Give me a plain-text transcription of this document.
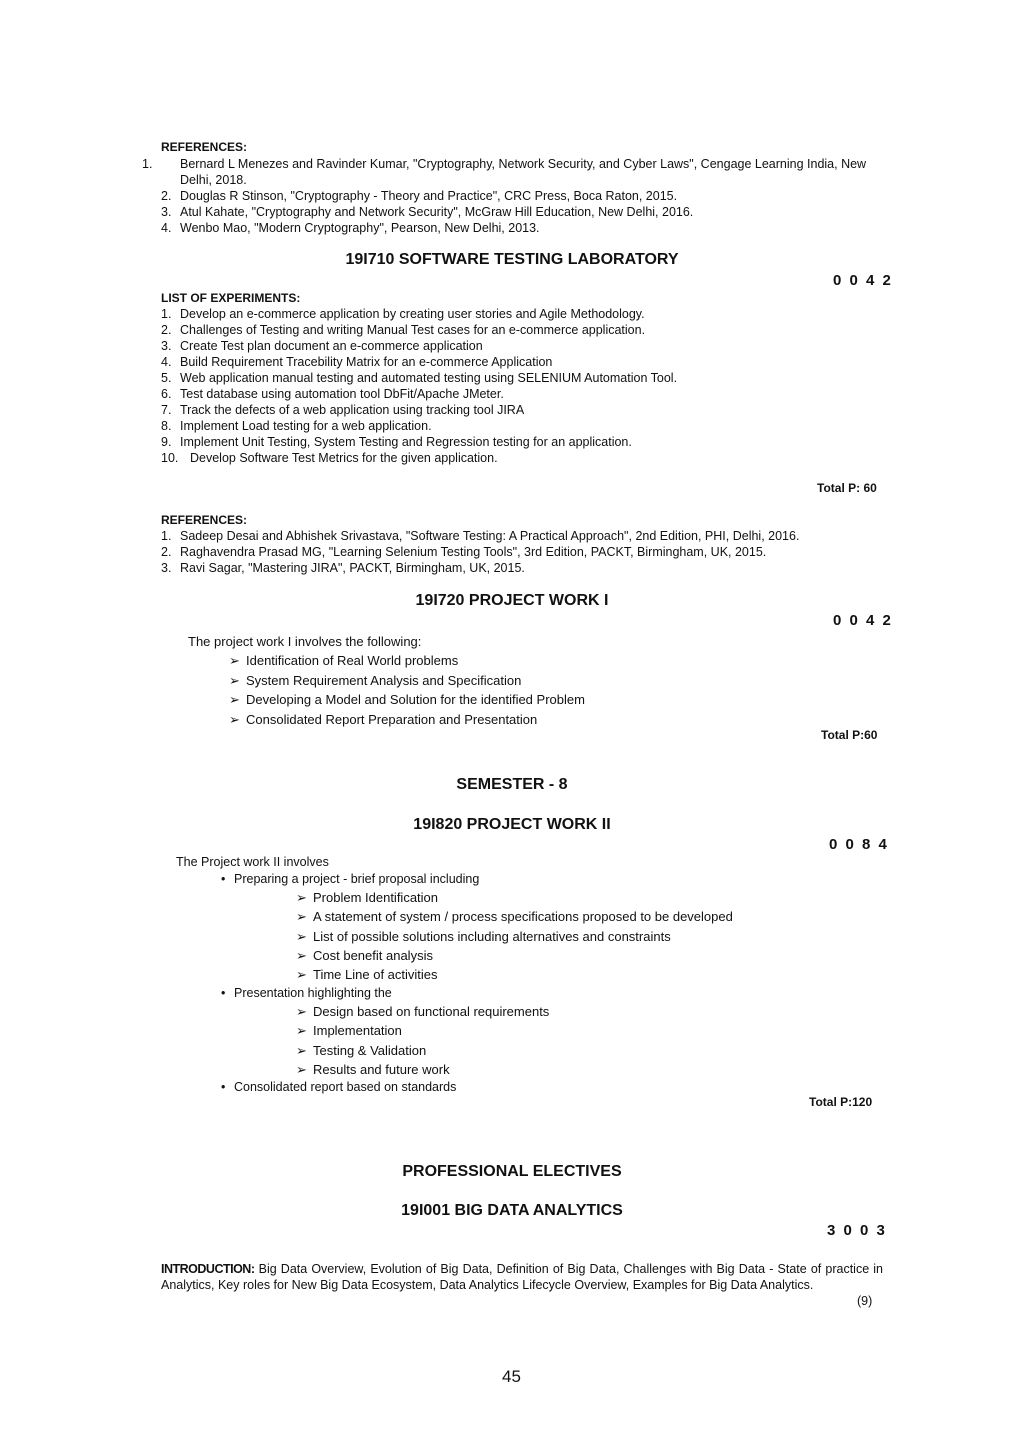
REFERENCES:
1. Bernard L Menezes and Ravinder Kumar, "Cryptography, Network Security, and Cyber Laws", Cengage Learning India, New Delhi, 2018.
2. Douglas R Stinson, "Cryptography - Theory and Practice", CRC Press, Boca Raton, 2015.
3. Atul Kahate, "Cryptography and Network Security", McGraw Hill Education, New Delhi, 2016.
4. Wenbo Mao, "Modern Cryptography", Pearson, New Delhi, 2013.
19I710 SOFTWARE TESTING LABORATORY
0 0 4 2
LIST OF EXPERIMENTS:
1. Develop an e-commerce application by creating user stories and Agile Methodology.
2. Challenges of Testing and writing Manual Test cases for an e-commerce application.
3. Create Test plan document an e-commerce application
4. Build Requirement Tracebility Matrix for an e-commerce Application
5. Web application manual testing and automated testing using SELENIUM Automation Tool.
6. Test database using automation tool DbFit/Apache JMeter.
7. Track the defects of a web application using tracking tool JIRA
8. Implement Load testing for a web application.
9. Implement Unit Testing, System Testing and Regression testing for an application.
10. Develop Software Test Metrics for the given application.
Total P: 60
REFERENCES:
1. Sadeep Desai and Abhishek Srivastava, "Software Testing: A Practical Approach", 2nd Edition, PHI, Delhi, 2016.
2. Raghavendra Prasad MG, "Learning Selenium Testing Tools", 3rd Edition, PACKT, Birmingham, UK, 2015.
3. Ravi Sagar, "Mastering JIRA", PACKT, Birmingham, UK, 2015.
19I720 PROJECT WORK I
0 0 4 2
The project work I involves the following:
➢ Identification of Real World problems
➢ System Requirement Analysis and Specification
➢ Developing a Model and Solution for the identified Problem
➢ Consolidated Report Preparation and Presentation
Total P:60
SEMESTER - 8
19I820 PROJECT WORK II
0 0 8 4
The Project work II involves
• Preparing a project - brief proposal including
➢ Problem Identification
➢ A statement of system / process specifications proposed to be developed
➢ List of possible solutions including alternatives and constraints
➢ Cost benefit analysis
➢ Time Line of activities
• Presentation highlighting the
➢ Design based on functional requirements
➢ Implementation
➢ Testing & Validation
➢ Results and future work
• Consolidated report based on standards
Total P:120
PROFESSIONAL ELECTIVES
19I001 BIG DATA ANALYTICS
3 0 0 3
INTRODUCTION: Big Data Overview, Evolution of Big Data, Definition of Big Data, Challenges with Big Data - State of practice in Analytics, Key roles for New Big Data Ecosystem, Data Analytics Lifecycle Overview, Examples for Big Data Analytics.
(9)
45
